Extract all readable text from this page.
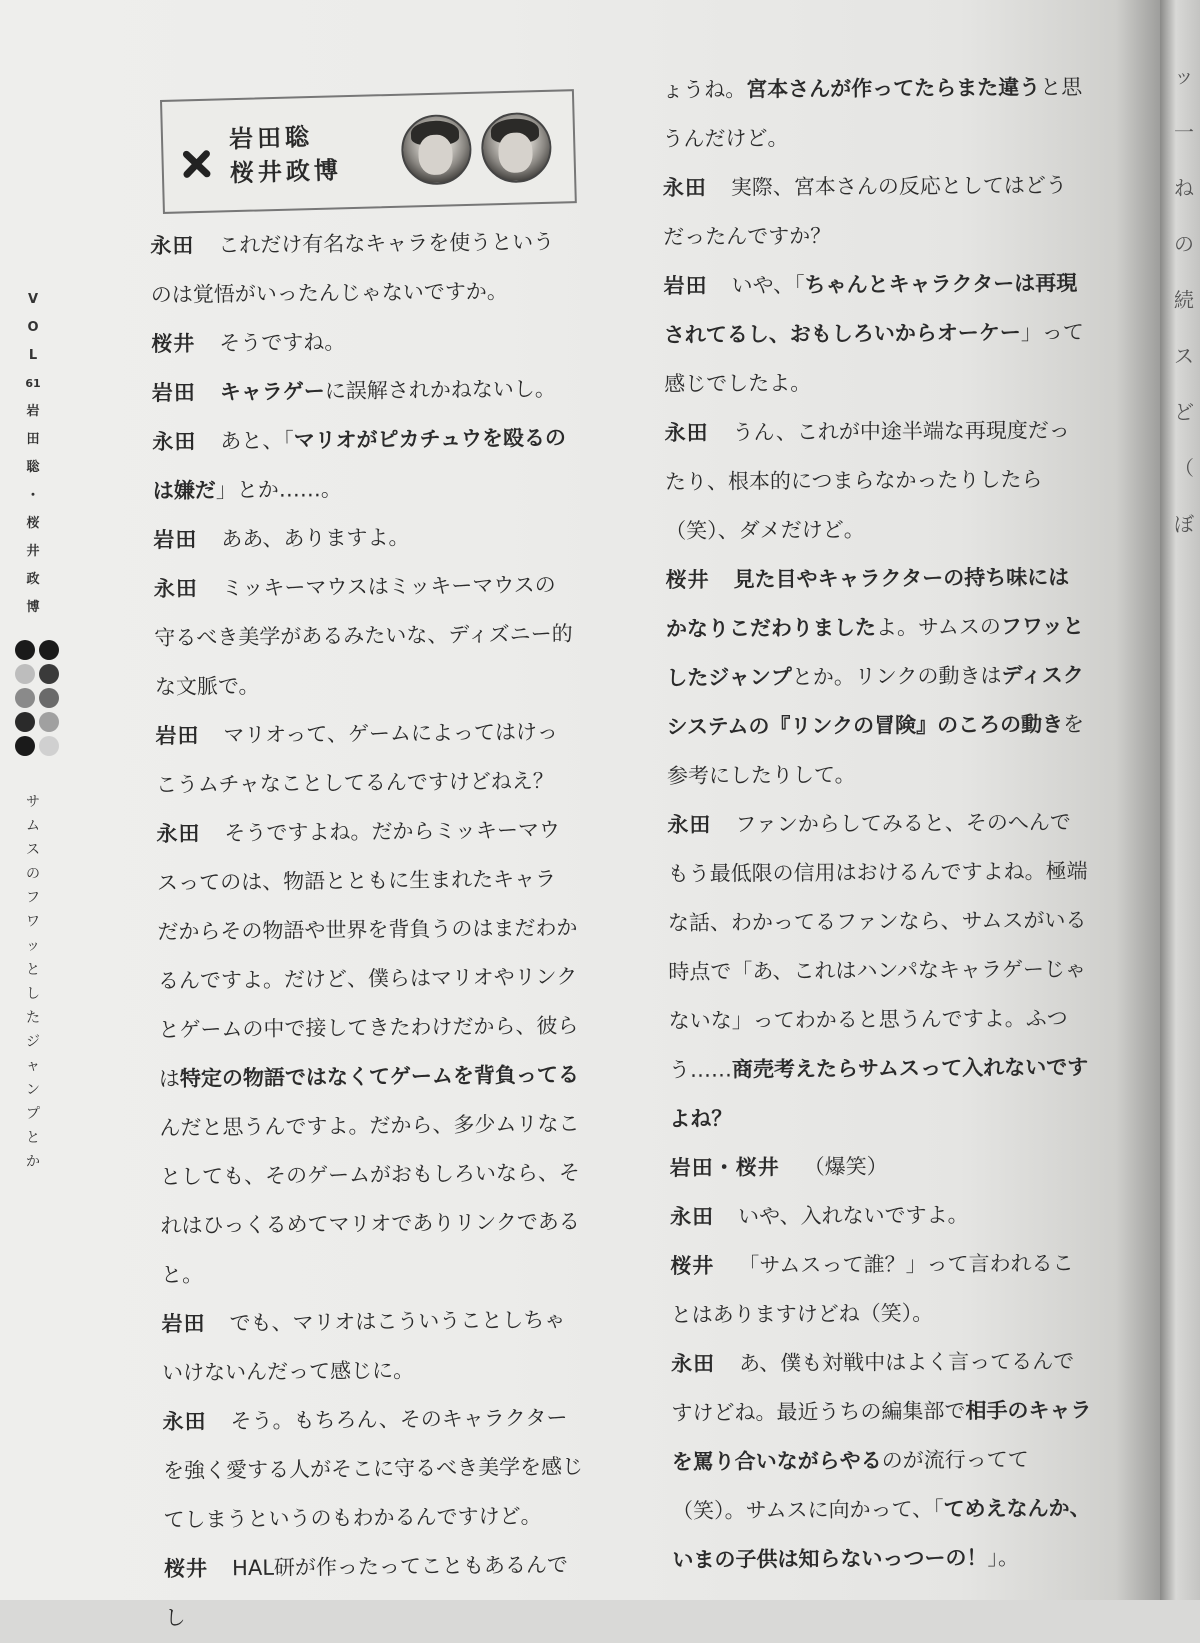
ッ
一
ね
の
続
ス
ど
（
ぼ
V
O
L
61
岩
田
聡
・
桜
井
政
博
サ
ム
ス
の
フ
ワ
ッ
と
し
た
ジ
ャ
ン
プ
と
か
岩田聡
桜井政博

永田 これだけ有名なキャラを使うというのは覚悟がいったんじゃないですか。

桜井 そうですね。

岩田 キャラゲーに誤解されかねないし。

永田 あと、「マリオがピカチュウを殴るのは嫌だ」とか……。

岩田 ああ、ありますよ。

永田 ミッキーマウスはミッキーマウスの守るべき美学があるみたいな、ディズニー的な文脈で。

岩田 マリオって、ゲームによってはけっこうムチャなことしてるんですけどねえ？

永田 そうですよね。だからミッキーマウスってのは、物語とともに生まれたキャラだからその物語や世界を背負うのはまだわかるんですよ。だけど、僕らはマリオやリンクとゲームの中で接してきたわけだから、彼らは特定の物語ではなくてゲームを背負ってるんだと思うんですよ。だから、多少ムリなことしても、そのゲームがおもしろいなら、それはひっくるめてマリオでありリンクであると。

岩田 でも、マリオはこういうことしちゃいけないんだって感じに。

永田 そう。もちろん、そのキャラクターを強く愛する人がそこに守るべき美学を感じてしまうというのもわかるんですけど。

桜井 HAL研が作ったってこともあるんでし

ょうね。宮本さんが作ってたらまた違うと思うんだけど。

永田 実際、宮本さんの反応としてはどうだったんですか？

岩田 いや、「ちゃんとキャラクターは再現されてるし、おもしろいからオーケー」って感じでしたよ。

永田 うん、これが中途半端な再現度だったり、根本的につまらなかったりしたら（笑）、ダメだけど。

桜井 見た目やキャラクターの持ち味にはかなりこだわりましたよ。サムスのフワッとしたジャンプとか。リンクの動きはディスクシステムの『リンクの冒険』のころの動きを参考にしたりして。

永田 ファンからしてみると、そのへんでもう最低限の信用はおけるんですよね。極端な話、わかってるファンなら、サムスがいる時点で「あ、これはハンパなキャラゲーじゃないな」ってわかると思うんですよ。ふつう……商売考えたらサムスって入れないですよね？

岩田・桜井 （爆笑）

永田 いや、入れないですよ。

桜井 「サムスって誰？」って言われることはありますけどね（笑）。

永田 あ、僕も対戦中はよく言ってるんですけどね。最近うちの編集部で相手のキャラを罵り合いながらやるのが流行ってて（笑）。サムスに向かって、「てめえなんか、いまの子供は知らないっつーの！」。
